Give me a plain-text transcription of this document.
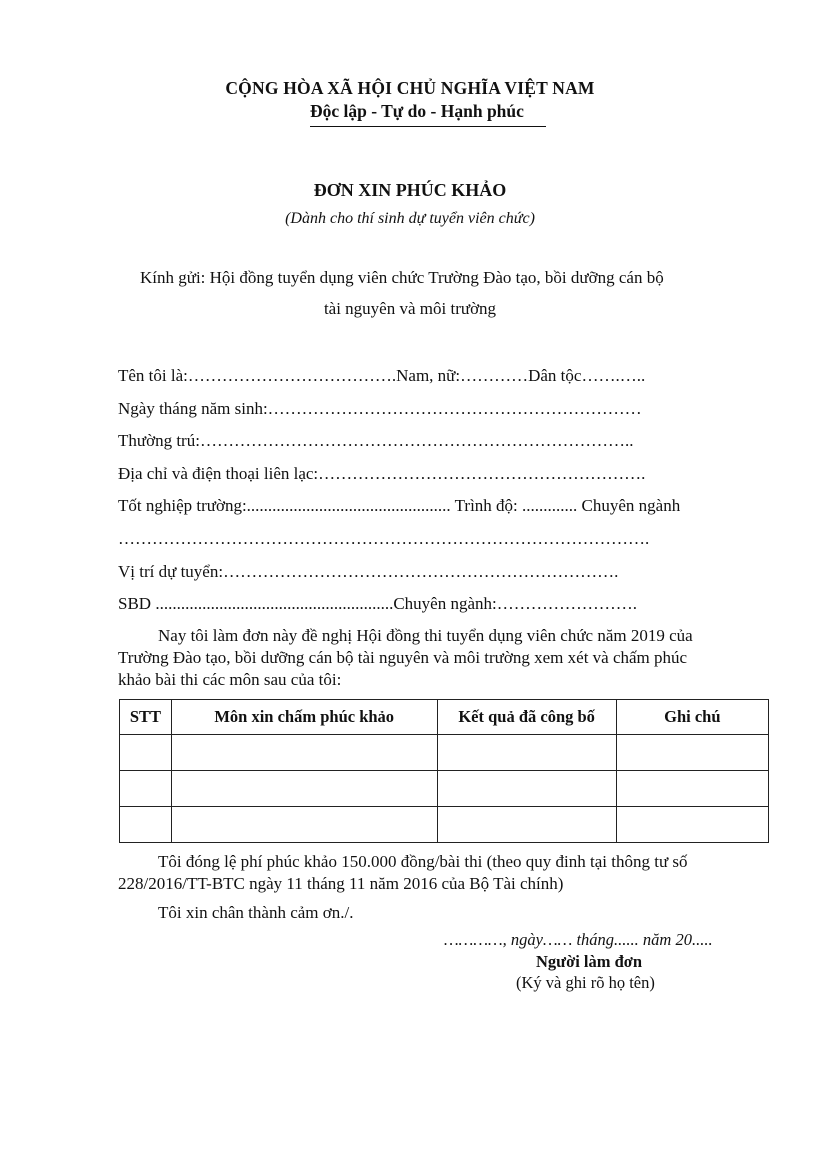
CỘNG HÒA XÃ HỘI CHỦ NGHĨA VIỆT NAM
Độc lập - Tự do - Hạnh phúc
ĐƠN XIN PHÚC KHẢO
(Dành cho thí sinh dự tuyển viên chức)
Kính gửi: Hội đồng tuyển dụng viên chức Trường Đào tạo, bồi dưỡng cán bộ
tài nguyên và môi trường
Tên tôi là:……………………………….Nam, nữ:…………Dân tộc…….…..
Ngày tháng năm sinh:…………………………………………………………
Thường trú:…………………………………………………………………..
Địa chỉ và điện thoại liên lạc:………………………………………………….
Tốt nghiệp trường:................................................ Trình độ: ............. Chuyên ngành
………………………………………………………………………………….
Vị trí dự tuyển:…………………………………………………………….
SBD ........................................................Chuyên ngành:…………………….
Nay tôi làm đơn này đề nghị Hội đồng thi tuyển dụng viên chức năm 2019 của
Trường Đào tạo, bồi dưỡng cán bộ tài nguyên và môi trường xem xét và chấm phúc
khảo bài thi các môn sau của tôi:
STT	Môn xin chấm phúc khảo	Kết quả đã công bố	Ghi chú

Tôi đóng lệ phí phúc khảo 150.000 đồng/bài thi (theo quy đinh tại thông tư số
228/2016/TT-BTC ngày 11 tháng 11 năm 2016 của Bộ Tài chính)
Tôi xin chân thành cảm ơn./.
…………, ngày…… tháng...... năm 20.....
Người làm đơn
(Ký và ghi rõ họ tên)
